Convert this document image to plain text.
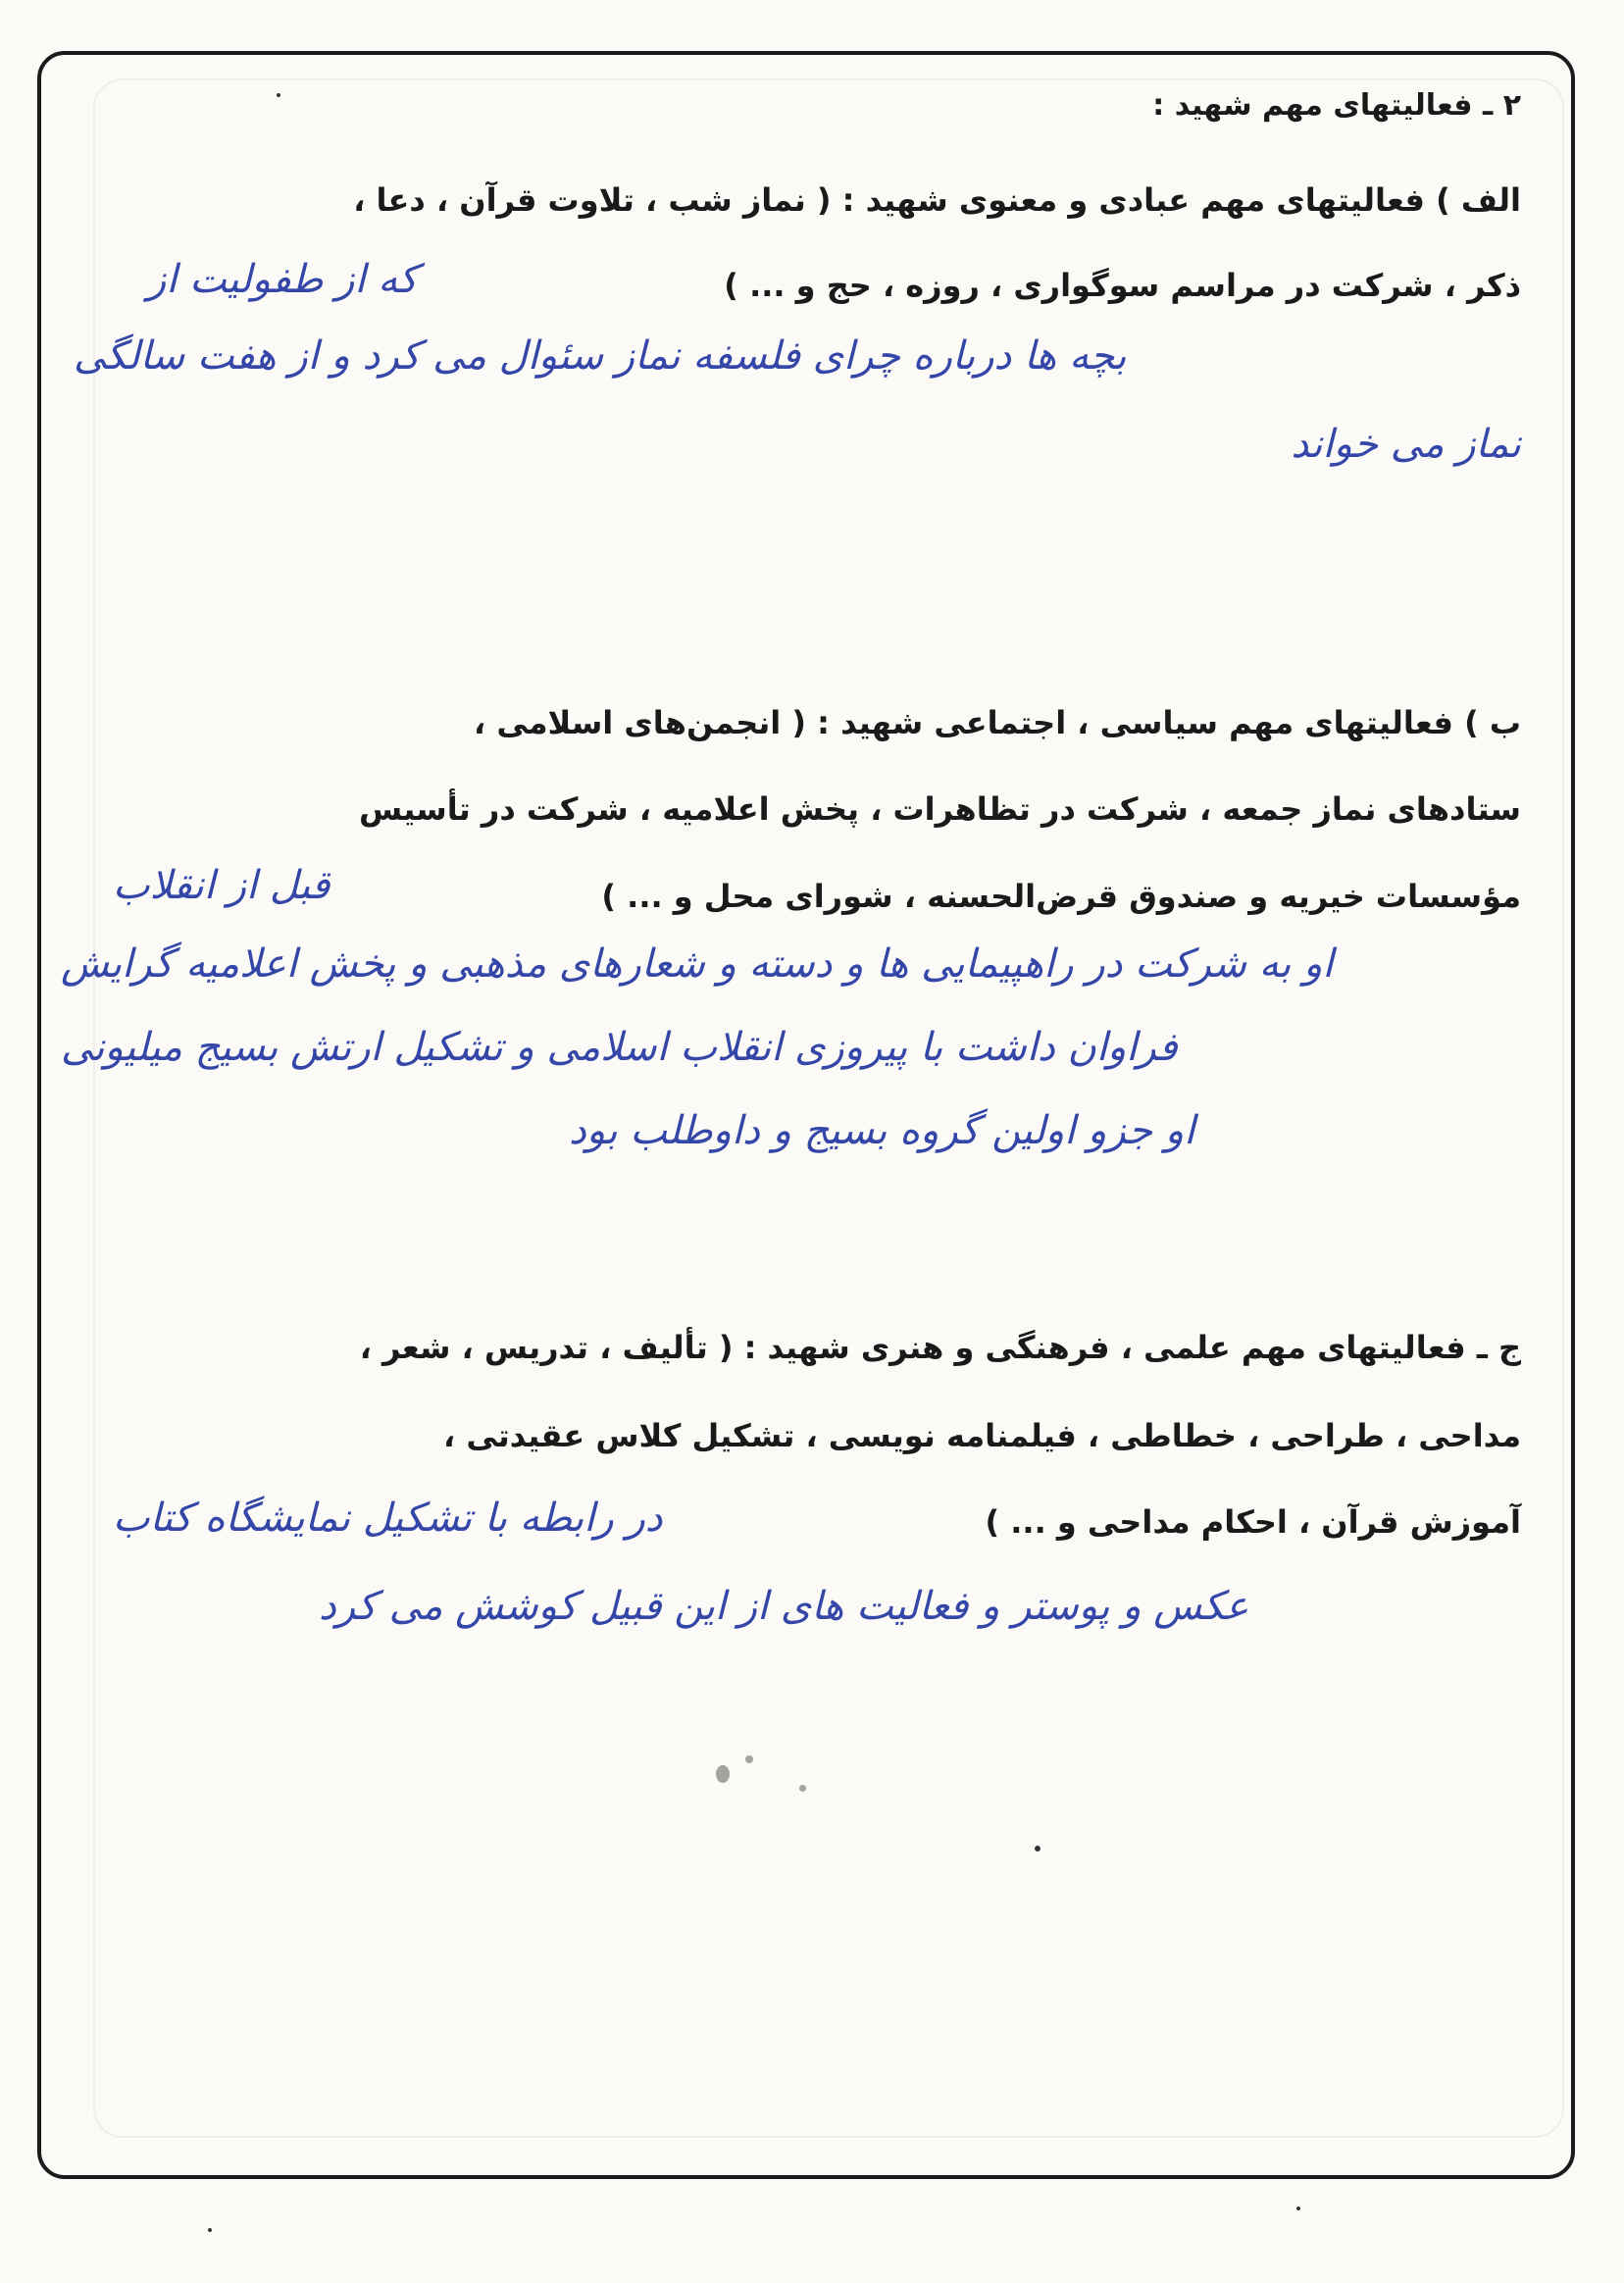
۲ ـ فعالیتهای مهم شهید :
الف ) فعالیتهای مهم عبادی و معنوی شهید : ( نماز شب ، تلاوت قرآن ، دعا ،
ذکر ، شرکت در مراسم سوگواری ، روزه ، حج و ... )
که از طفولیت از
بچه ها درباره چرای فلسفه نماز سئوال می کرد و از هفت سالگی
نماز می خواند
ب ) فعالیتهای مهم سیاسی ، اجتماعی شهید : ( انجمن‌های اسلامی ،
ستادهای نماز جمعه ، شرکت در تظاهرات ، پخش اعلامیه ، شرکت در تأسیس
مؤسسات خیریه و صندوق قرض‌الحسنه ، شورای محل و ... )
قبل از انقلاب
او به شرکت در راهپیمایی ها و دسته و شعارهای مذهبی و پخش اعلامیه گرایش
فراوان داشت با پیروزی انقلاب اسلامی و تشکیل ارتش بسیج میلیونی
او جزو اولین گروه بسیج و داوطلب بود
ج ـ فعالیتهای مهم علمی ، فرهنگی و هنری شهید : ( تألیف ، تدریس ، شعر ،
مداحی ، طراحی ، خطاطی ، فیلمنامه نویسی ، تشکیل کلاس عقیدتی ،
آموزش قرآن ، احکام مداحی و ... )
در رابطه با تشکیل نمایشگاه کتاب
عکس و پوستر و فعالیت های از این قبیل کوشش می کرد
